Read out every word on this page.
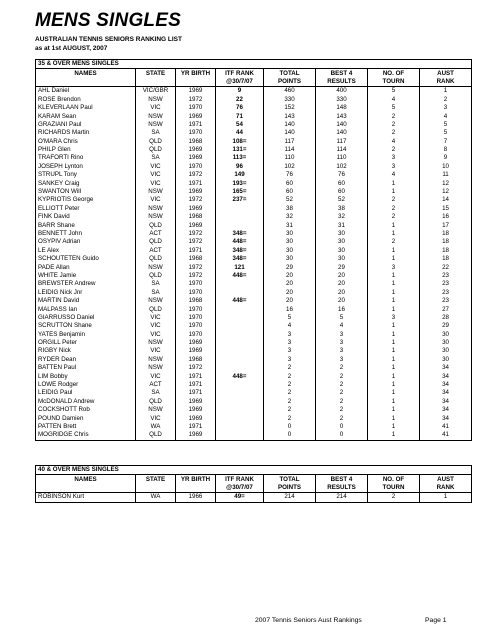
MENS SINGLES
AUSTRALIAN TENNIS SENIORS RANKING LIST
as at 1st AUGUST, 2007
35 & OVER MENS SINGLES							
NAMES	STATE	YR BIRTH	ITF RANK	TOTAL	BEST 4	NO. OF	AUST
			@30/7/07	POINTS	RESULTS	TOURN	RANK
AHL Daniel	VIC/GBR	1969	9	460	400	5	1
ROSE Brendon	NSW	1972	22	330	330	4	2
KLEVERLAAN Paul	VIC	1970	76	152	148	5	3
KARAM Sean	NSW	1969	71	143	143	2	4
GRAZIANI Paul	NSW	1971	54	140	140	2	5
RICHARDS Martin	SA	1970	44	140	140	2	5
O'MARA Chris	QLD	1968	108=	117	117	4	7
PHILP Glen	QLD	1969	131=	114	114	2	8
TRAFORTI Rino	SA	1969	113=	110	110	3	9
JOSEPH Lynton	VIC	1970	96	102	102	3	10
STRUPL Tony	VIC	1972	149	76	76	4	11
SANKEY Craig	VIC	1971	193=	60	60	1	12
SWANTON Will	NSW	1969	165=	60	60	1	12
KYPRIOTIS George	VIC	1972	237=	52	52	2	14
ELLIOTT Peter	NSW	1969		38	38	2	15
FINK David	NSW	1968		32	32	2	16
BARR Shane	QLD	1969		31	31	1	17
BENNETT John	ACT	1972	348=	30	30	1	18
OSYPIV Adrian	QLD	1972	448=	30	30	2	18
LE Alex	ACT	1971	348=	30	30	1	18
SCHOUTETEN Guido	QLD	1968	348=	30	30	1	18
PADE Allan	NSW	1972	121	29	29	3	22
WHITE Jamie	QLD	1972	448=	20	20	1	23
BREWSTER Andrew	SA	1970		20	20	1	23
LEIDIG Nick Jnr	SA	1970		20	20	1	23
MARTIN David	NSW	1968	448=	20	20	1	23
MALPASS Ian	QLD	1970		16	16	1	27
GIARRUSSO Daniel	VIC	1970		5	5	3	28
SCRUTTON Shane	VIC	1970		4	4	1	29
YATES Benjamin	VIC	1970		3	3	1	30
ORGILL Peter	NSW	1969		3	3	1	30
RIGBY Nick	VIC	1969		3	3	1	30
RYDER Dean	NSW	1968		3	3	1	30
BATTEN Paul	NSW	1972		2	2	1	34
LIM Bobby	VIC	1971	448=	2	2	1	34
LOWE Rodger	ACT	1971		2	2	1	34
LEIDIG Paul	SA	1971		2	2	1	34
McDONALD Andrew	QLD	1969		2	2	1	34
COCKSHOTT Rob	NSW	1969		2	2	1	34
POUND Damien	VIC	1969		2	2	1	34
PATTEN Brett	WA	1971		0	0	1	41
MOGRIDGE Chris	QLD	1969		0	0	1	41
40 & OVER MENS SINGLES							
NAMES	STATE	YR BIRTH	ITF RANK	TOTAL	BEST 4	NO. OF	AUST
			@30/7/07	POINTS	RESULTS	TOURN	RANK
ROBINSON Kurt	WA	1966	49=	214	214	2	1
2007 Tennis Seniors Aust Rankings	Page 1
